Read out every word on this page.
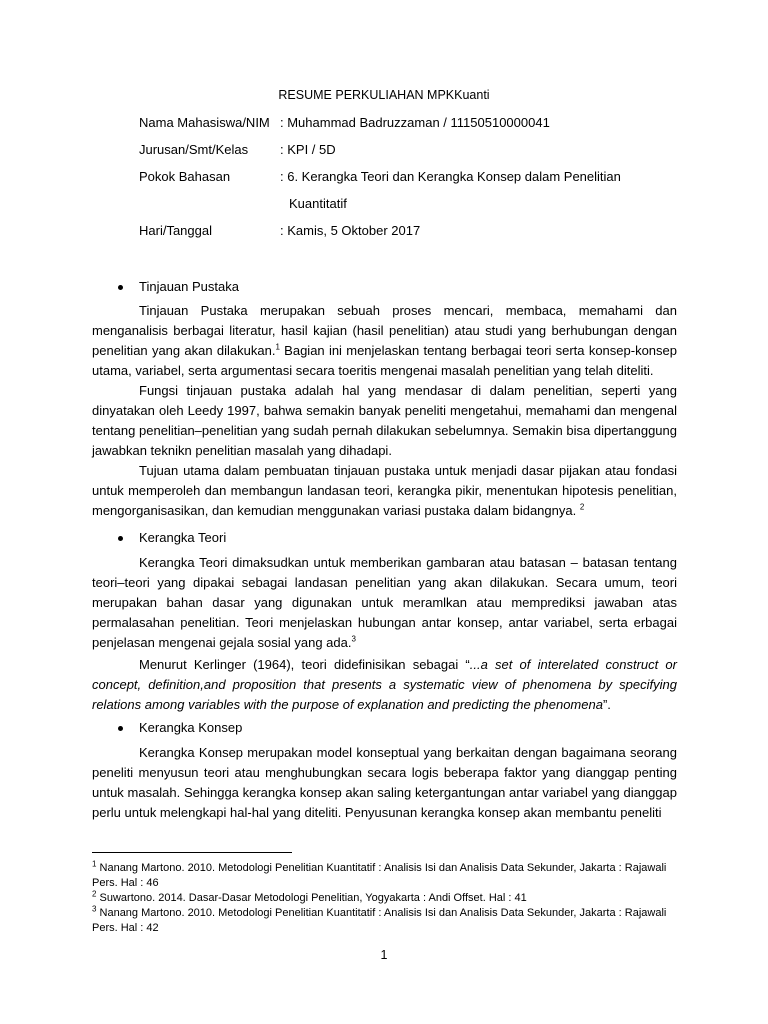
RESUME PERKULIAHAN MPKKuanti
Nama Mahasiswa/NIM : Muhammad Badruzzaman / 11150510000041
Jurusan/Smt/Kelas : KPI / 5D
Pokok Bahasan	: 6. Kerangka Teori dan Kerangka Konsep dalam Penelitian
Kuantitatif
Hari/Tanggal	: Kamis, 5 Oktober 2017
Tinjauan Pustaka

Tinjauan Pustaka merupakan sebuah proses mencari, membaca, memahami dan menganalisis berbagai literatur, hasil kajian (hasil penelitian) atau studi yang berhubungan dengan penelitian yang akan dilakukan.$^1$ Bagian ini menjelaskan tentang berbagai teori serta konsep-konsep utama, variabel, serta argumentasi secara toeritis mengenai masalah penelitian yang telah diteliti.

Fungsi tinjauan pustaka adalah hal yang mendasar di dalam penelitian, seperti yang dinyatakan oleh Leedy 1997, bahwa semakin banyak peneliti mengetahui, memahami dan mengenal tentang penelitian–penelitian yang sudah pernah dilakukan sebelumnya. Semakin bisa dipertanggung jawabkan teknikn penelitian masalah yang dihadapi.

Tujuan utama dalam pembuatan tinjauan pustaka untuk menjadi dasar pijakan atau fondasi untuk memperoleh dan membangun landasan teori, kerangka pikir, menentukan hipotesis penelitian, mengorganisasikan, dan kemudian menggunakan variasi pustaka dalam bidangnya. $^2$

Kerangka Teori

Kerangka Teori dimaksudkan untuk memberikan gambaran atau batasan – batasan tentang teori–teori yang dipakai sebagai landasan penelitian yang akan dilakukan. Secara umum, teori merupakan bahan dasar yang digunakan untuk meramlkan atau memprediksi jawaban atas permalasahan penelitian. Teori menjelaskan hubungan antar konsep, antar variabel, serta erbagai penjelasan mengenai gejala sosial yang ada.$^3$

Menurut Kerlinger (1964), teori didefinisikan sebagai “...a set of interelated construct or concept, definition,and proposition that presents a systematic view of phenomena by specifying relations among variables with the purpose of explanation and predicting the phenomena”.

Kerangka Konsep

Kerangka Konsep merupakan model konseptual yang berkaitan dengan bagaimana seorang peneliti menyusun teori atau menghubungkan secara logis beberapa faktor yang dianggap penting untuk masalah. Sehingga kerangka konsep akan saling ketergantungan antar variabel yang dianggap perlu untuk melengkapi hal-hal yang diteliti. Penyusunan kerangka konsep akan membantu peneliti

$^1$ Nanang Martono. 2010. Metodologi Penelitian Kuantitatif : Analisis Isi dan Analisis Data Sekunder, Jakarta : Rajawali Pers. Hal : 46

$^2$ Suwartono. 2014. Dasar-Dasar Metodologi Penelitian, Yogyakarta : Andi Offset. Hal : 41

$^3$ Nanang Martono. 2010. Metodologi Penelitian Kuantitatif : Analisis Isi dan Analisis Data Sekunder, Jakarta : Rajawali Pers. Hal : 42

1
